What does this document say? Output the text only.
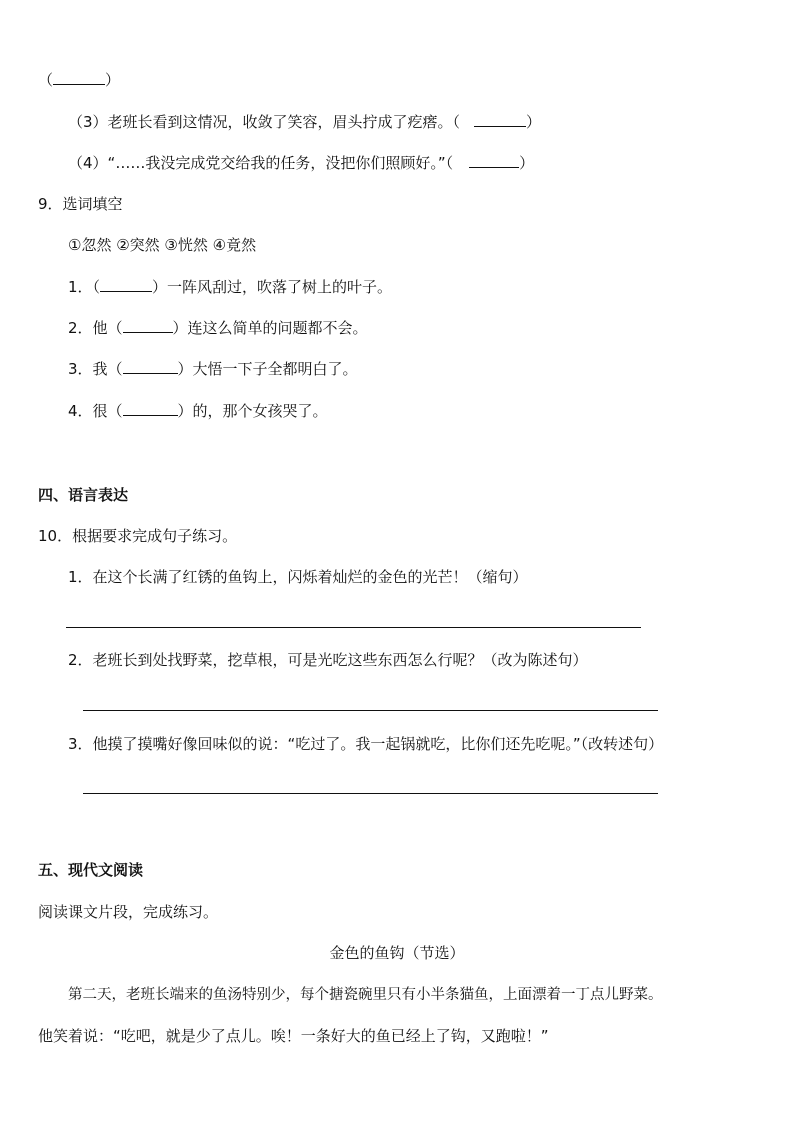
（	）
（3）老班长看到这情况，收敛了笑容，眉头拧成了疙瘩。（	）
（4）“……我没完成党交给我的任务，没把你们照顾好。”（	）
9．选词填空
①忽然 ②突然 ③恍然 ④竟然
1．（	）一阵风刮过，吹落了树上的叶子。
2．他（	）连这么简单的问题都不会。
3．我（	）大悟一下子全都明白了。
4．很（	）的，那个女孩哭了。
四、语言表达
10．根据要求完成句子练习。
1．在这个长满了红锈的鱼钩上，闪烁着灿烂的金色的光芒！（缩句）
2．老班长到处找野菜，挖草根，可是光吃这些东西怎么行呢？（改为陈述句）
3．他摸了摸嘴好像回味似的说：“吃过了。我一起锅就吃，比你们还先吃呢。”（改转述句）
五、现代文阅读
阅读课文片段，完成练习。
金色的鱼钩（节选）
第二天，老班长端来的鱼汤特别少，每个搪瓷碗里只有小半条猫鱼，上面漂着一丁点儿野菜。
他笑着说：“吃吧，就是少了点儿。唉！一条好大的鱼已经上了钩，又跑啦！”
